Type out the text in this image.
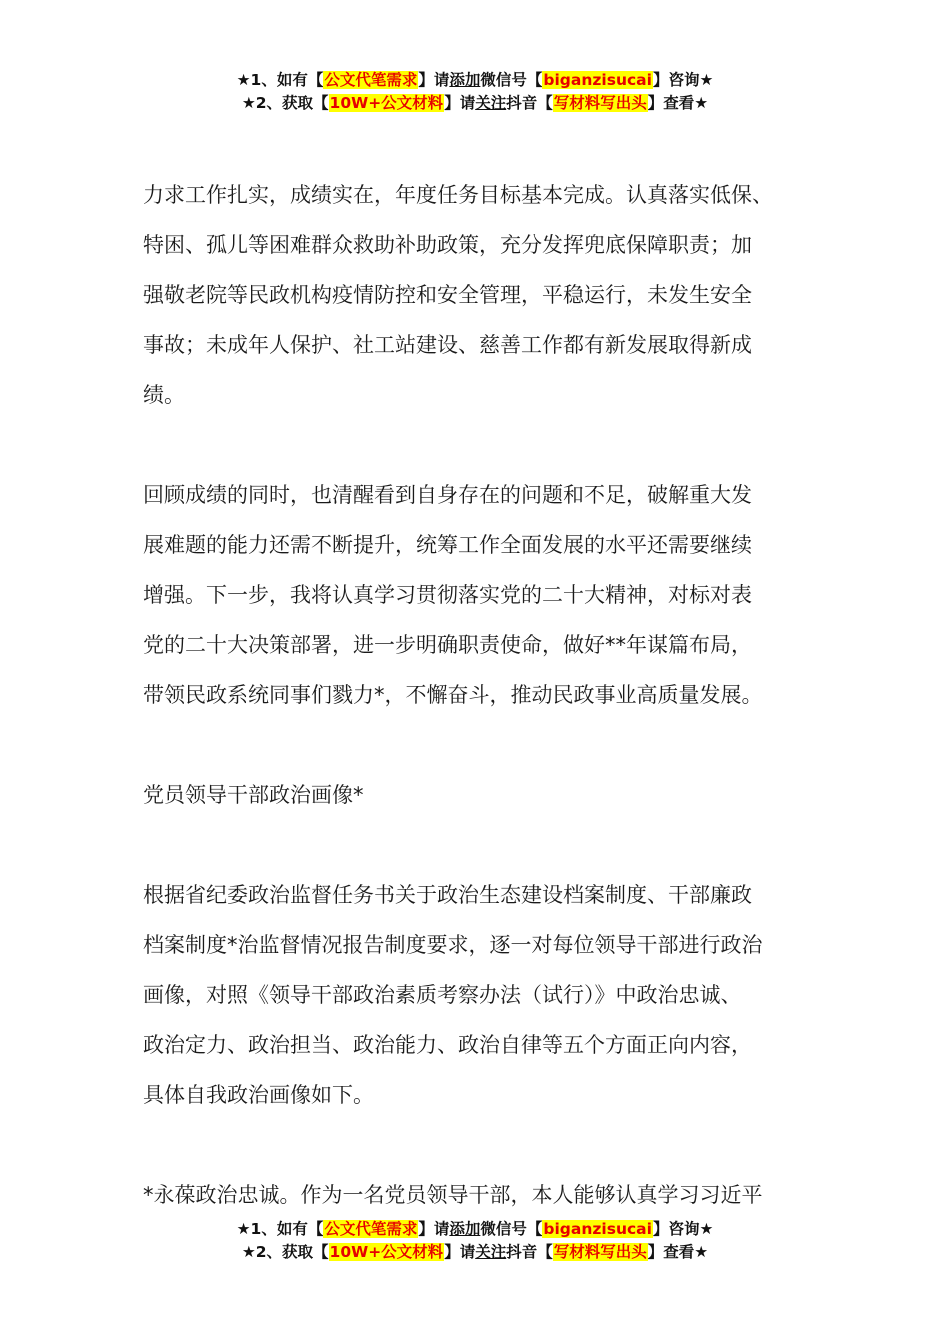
★1、如有【公文代笔需求】请添加微信号【biganzisucai】咨询★
★2、获取【10W+公文材料】请关注抖音【写材料写出头】查看★

力求工作扎实，成绩实在，年度任务目标基本完成。认真落实低保、

特困、孤儿等困难群众救助补助政策，充分发挥兜底保障职责；加

强敬老院等民政机构疫情防控和安全管理，平稳运行，未发生安全

事故；未成年人保护、社工站建设、慈善工作都有新发展取得新成

绩。

回顾成绩的同时，也清醒看到自身存在的问题和不足，破解重大发

展难题的能力还需不断提升，统筹工作全面发展的水平还需要继续

增强。下一步，我将认真学习贯彻落实党的二十大精神，对标对表

党的二十大决策部署，进一步明确职责使命，做好**年谋篇布局，

带领民政系统同事们戮力*，不懈奋斗，推动民政事业高质量发展。

党员领导干部政治画像*

根据省纪委政治监督任务书关于政治生态建设档案制度、干部廉政

档案制度*治监督情况报告制度要求，逐一对每位领导干部进行政治

画像，对照《领导干部政治素质考察办法（试行）》中政治忠诚、

政治定力、政治担当、政治能力、政治自律等五个方面正向内容，

具体自我政治画像如下。

*永葆政治忠诚。作为一名党员领导干部，本人能够认真学习习近平

★1、如有【公文代笔需求】请添加微信号【biganzisucai】咨询★
★2、获取【10W+公文材料】请关注抖音【写材料写出头】查看★
